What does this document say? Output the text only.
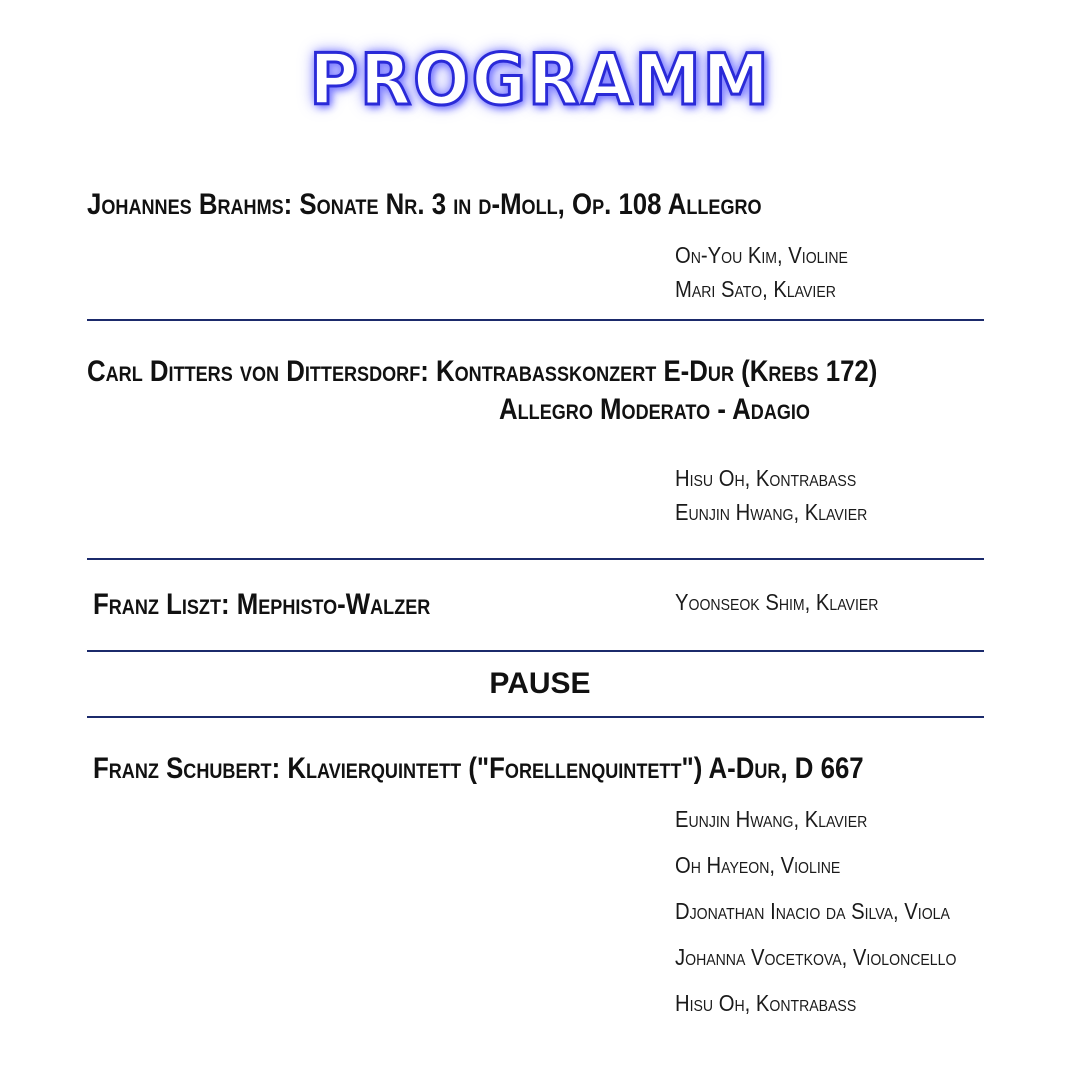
PROGRAMM
Johannes Brahms: Sonate Nr. 3 in d-Moll, Op. 108 Allegro
On-You Kim, Violine
Mari Sato, Klavier
Carl Ditters von Dittersdorf: Kontrabasskonzert E-Dur (Krebs 172)
Allegro Moderato - Adagio
Hisu Oh, Kontrabass
Eunjin Hwang, Klavier
Franz Liszt: Mephisto-Walzer	Yoonseok Shim, Klavier
PAUSE
Franz Schubert: Klavierquintett ("Forellenquintett") A-Dur, D 667
Eunjin Hwang, Klavier
Oh Hayeon, Violine
Djonathan Inacio da Silva, Viola
Johanna Vocetkova, Violoncello
Hisu Oh, Kontrabass
